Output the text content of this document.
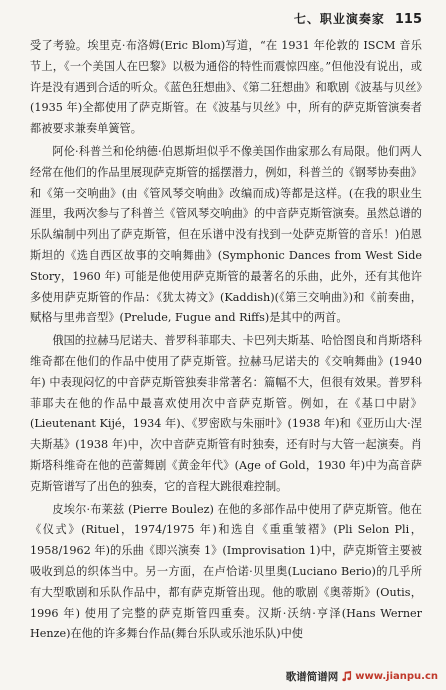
七、职业演奏家 115

受了考验。埃里克·布洛姆(Eric Blom)写道，“在 1931 年伦敦的 ISCM 音乐节上，《一个美国人在巴黎》以极为通俗的特性而震惊四座。”但他没有说出，或许是没有遇到合适的听众。《蓝色狂想曲》、《第二狂想曲》和歌剧《波基与贝丝》(1935 年)全都使用了萨克斯管。在《波基与贝丝》中，所有的萨克斯管演奏者都被要求兼奏单簧管。

阿伦·科普兰和伦纳德·伯恩斯坦似乎不像美国作曲家那么有局限。他们两人经常在他们的作品里展现萨克斯管的摇摆潜力，例如，科普兰的《钢琴协奏曲》和《第一交响曲》(由《管风琴交响曲》改编而成)等都是这样。(在我的职业生涯里，我两次参与了科普兰《管风琴交响曲》的中音萨克斯管演奏。虽然总谱的乐队编制中列出了萨克斯管，但在乐谱中没有找到一处萨克斯管的音乐！)伯恩斯坦的《选自西区故事的交响舞曲》(Symphonic Dances from West Side Story，1960 年) 可能是他使用萨克斯管的最著名的乐曲，此外，还有其他许多使用萨克斯管的作品：《犹太祷文》(Kaddish)(《第三交响曲》)和《前奏曲，赋格与里弗音型》(Prelude, Fugue and Riffs)是其中的两首。

俄国的拉赫马尼诺夫、普罗科菲耶夫、卡巴列夫斯基、哈恰图良和肖斯塔科维奇都在他们的作品中使用了萨克斯管。拉赫马尼诺夫的《交响舞曲》(1940 年) 中表现闷忆的中音萨克斯管独奏非常著名：篇幅不大，但很有效果。普罗科菲耶夫在他的作品中最喜欢使用次中音萨克斯管。例如，在《基口中尉》(Lieutenant Kijé，1934 年)、《罗密欧与朱丽叶》(1938 年)和《亚历山大·涅夫斯基》(1938 年)中，次中音萨克斯管有时独奏，还有时与大管一起演奏。肖斯塔科维奇在他的芭蕾舞剧《黄金年代》(Age of Gold，1930 年)中为高音萨克斯管谱写了出色的独奏，它的音程大跳很难控制。

皮埃尔·布莱兹 (Pierre Boulez) 在他的多部作品中使用了萨克斯管。他在《仪式》(Rituel，1974/1975 年)和选自《重重皱褶》(Pli Selon Pli，1958/1962 年)的乐曲《即兴演奏 1》(Improvisation 1)中，萨克斯管主要被吸收到总的织体当中。另一方面，在卢恰诺·贝里奥(Luciano Berio)的几乎所有大型歌剧和乐队作品中，都有萨克斯管出现。他的歌剧《奥蒂斯》(Outis，1996 年) 使用了完整的萨克斯管四重奏。汉斯·沃纳·亨泽(Hans Werner Henze)在他的许多舞台作品(舞台乐队或乐池乐队)中使

歌谱简谱网 www.jianpu.cn
